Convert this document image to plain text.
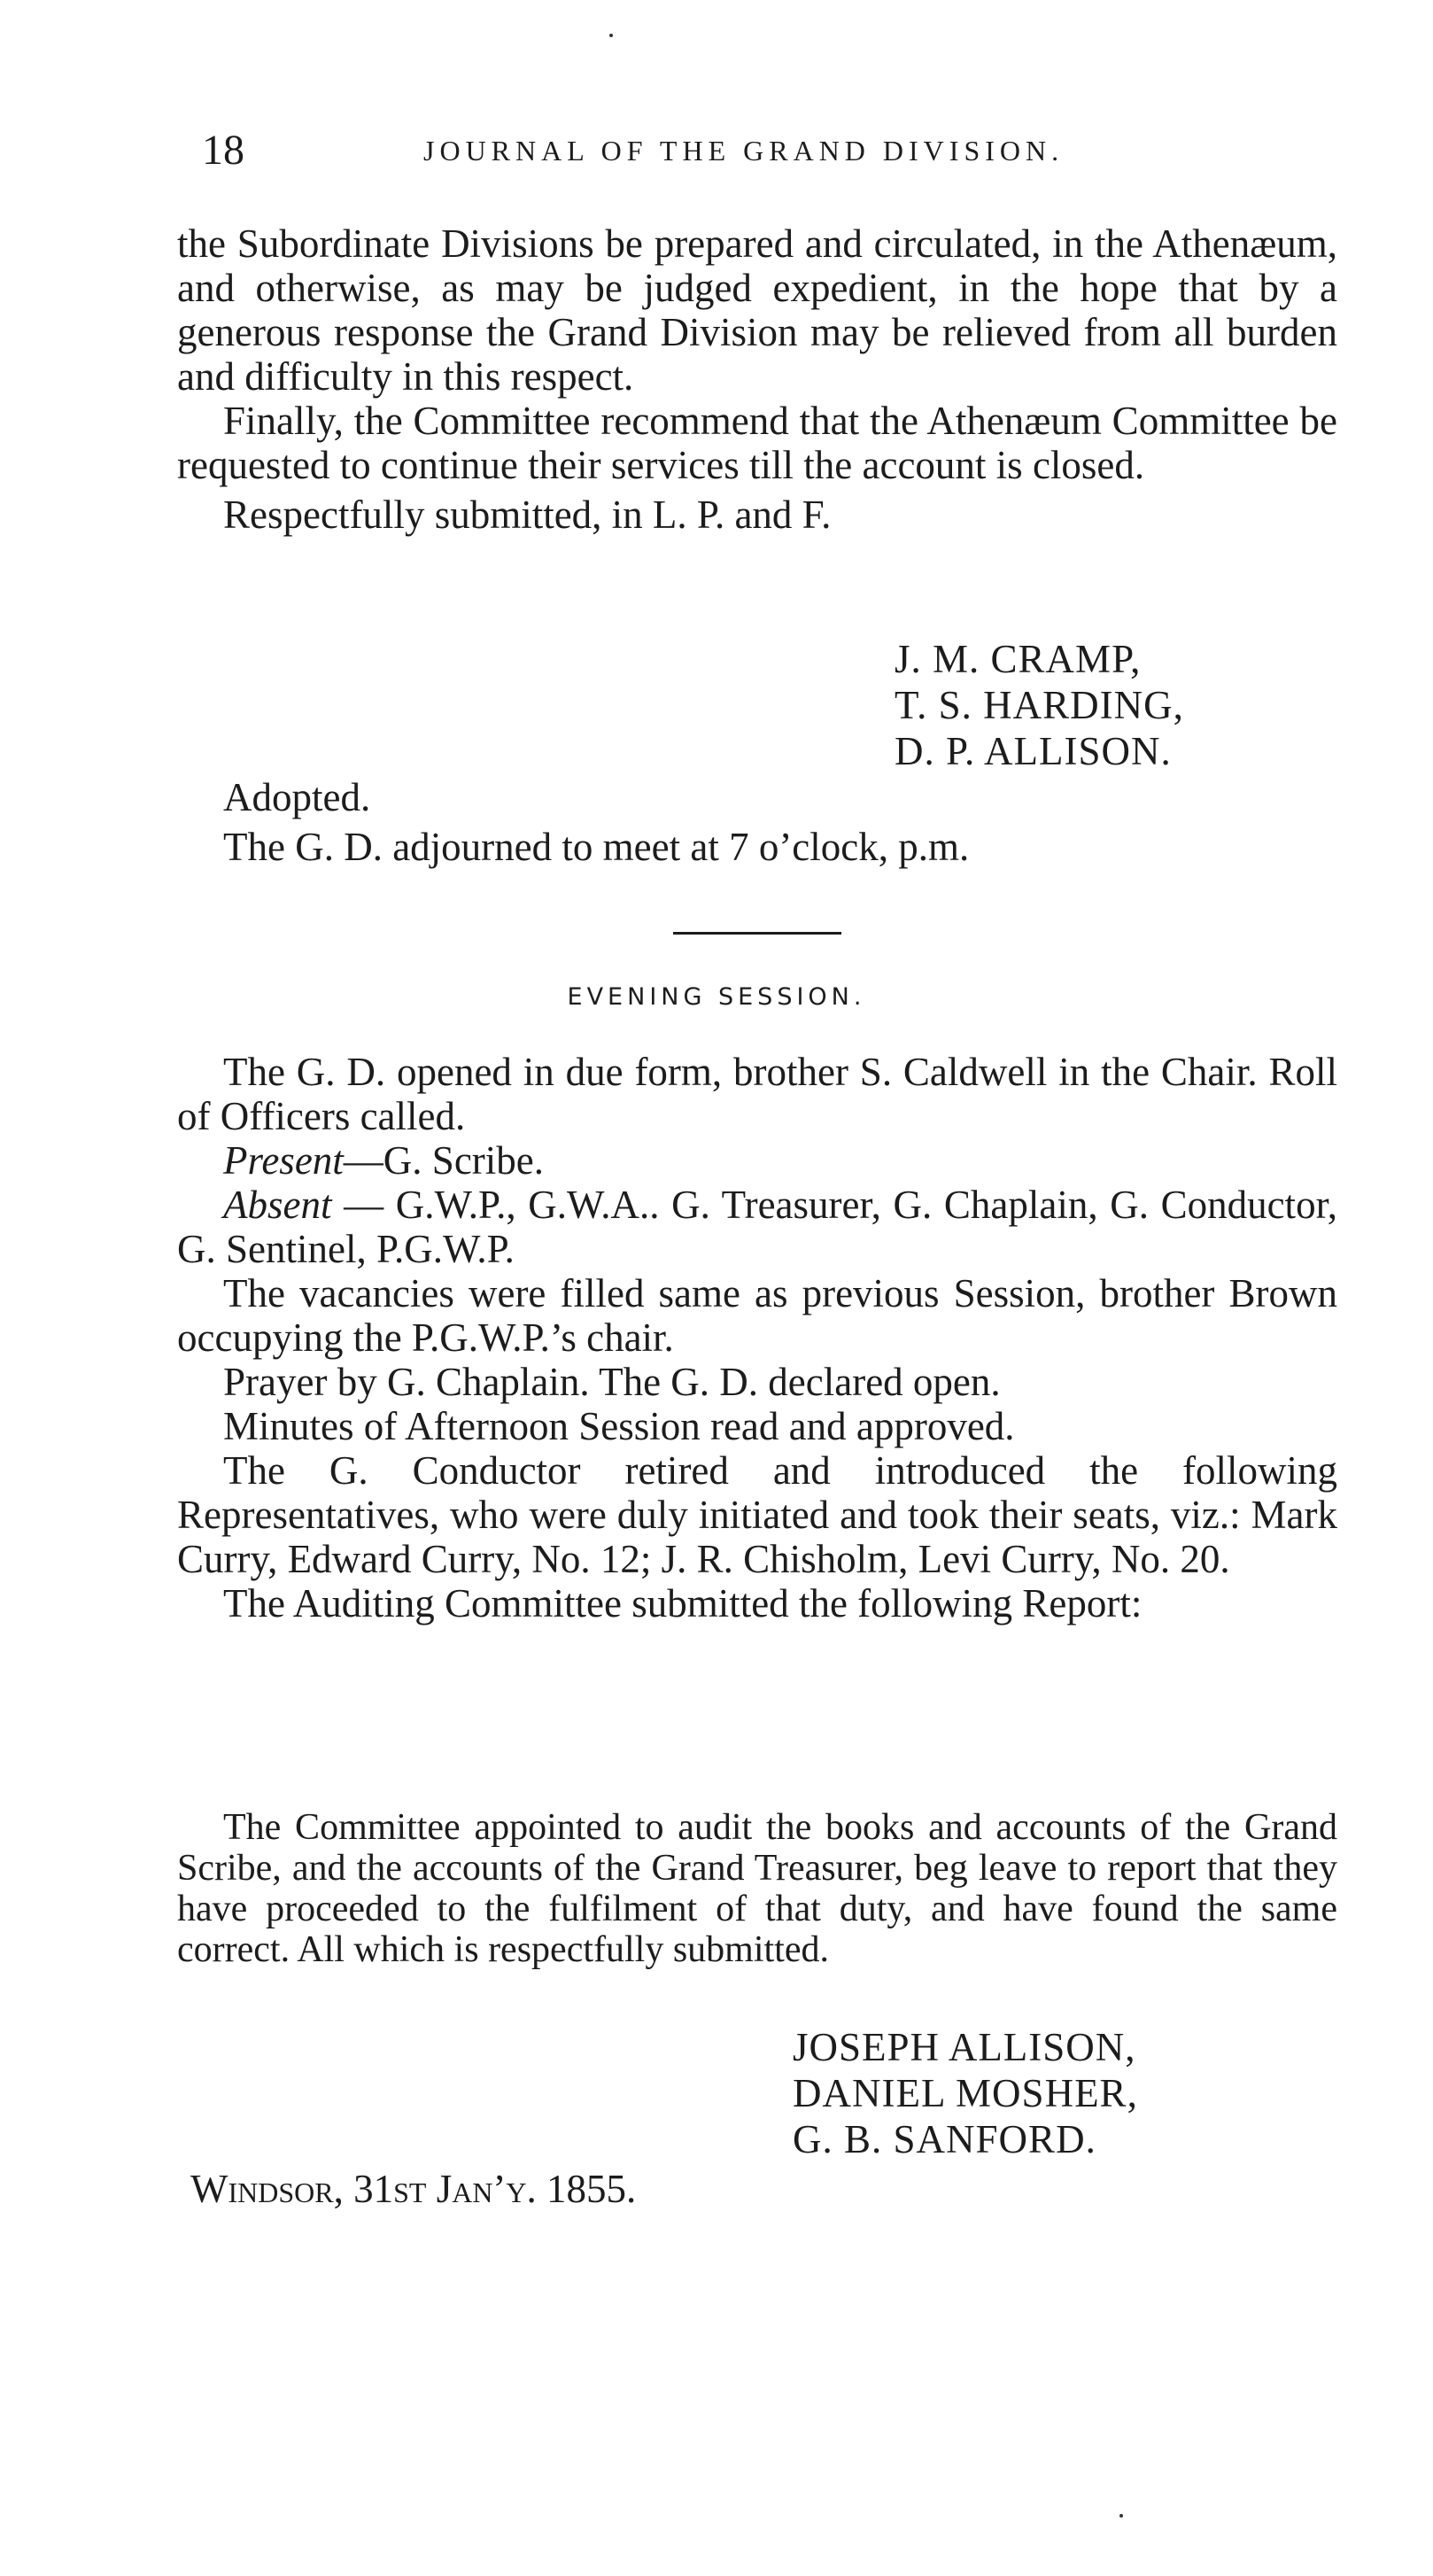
18	JOURNAL OF THE GRAND DIVISION.

the Subordinate Divisions be prepared and circulated, in the Athenæum, and otherwise, as may be judged expedient, in the hope that by a generous response the Grand Division may be relieved from all burden and difficulty in this respect.

Finally, the Committee recommend that the Athenæum Committee be requested to continue their services till the account is closed.

Respectfully submitted, in L. P. and F.

J. M. CRAMP,
T. S. HARDING,
D. P. ALLISON.

Adopted.

The G. D. adjourned to meet at 7 o’clock, p.m.

EVENING SESSION.

The G. D. opened in due form, brother S. Caldwell in the Chair. Roll of Officers called.

Present—G. Scribe.

Absent — G.W.P., G.W.A.. G. Treasurer, G. Chaplain, G. Conductor, G. Sentinel, P.G.W.P.

The vacancies were filled same as previous Session, brother Brown occupying the P.G.W.P.’s chair.

Prayer by G. Chaplain. The G. D. declared open.

Minutes of Afternoon Session read and approved.

The G. Conductor retired and introduced the following Representatives, who were duly initiated and took their seats, viz.: Mark Curry, Edward Curry, No. 12; J. R. Chisholm, Levi Curry, No. 20.

The Auditing Committee submitted the following Report:

The Committee appointed to audit the books and accounts of the Grand Scribe, and the accounts of the Grand Treasurer, beg leave to report that they have proceeded to the fulfilment of that duty, and have found the same correct. All which is respectfully submitted.

JOSEPH ALLISON,
DANIEL MOSHER,
G. B. SANFORD.
Windsor, 31st Jan’y. 1855.
